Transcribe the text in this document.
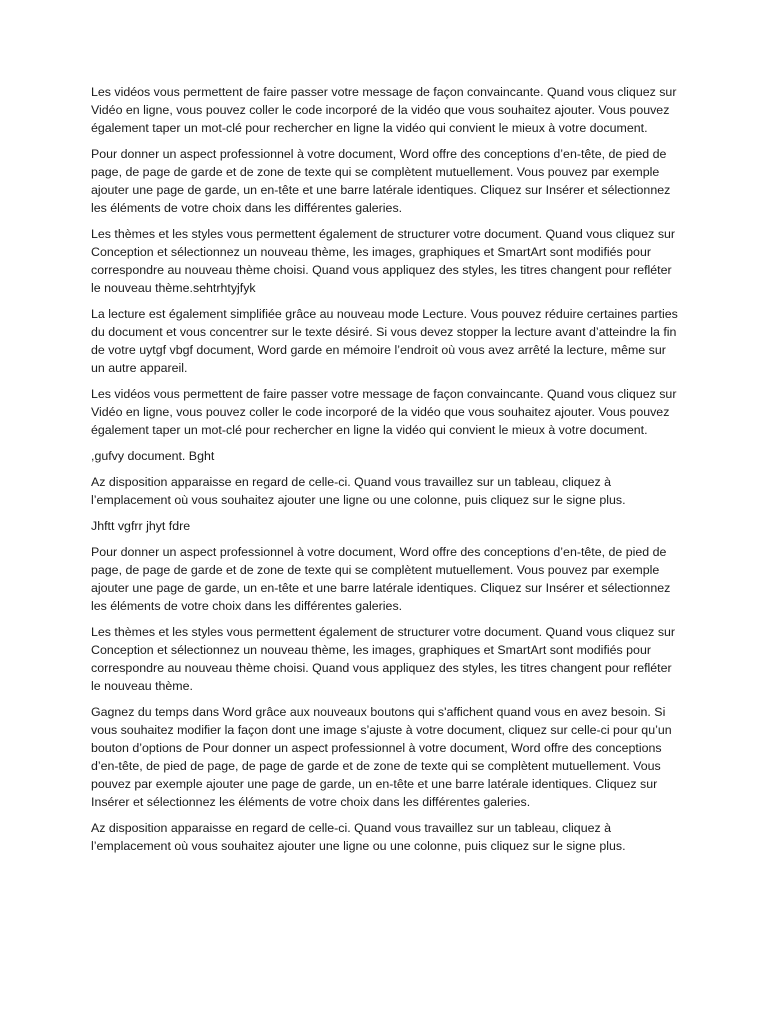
Les vidéos vous permettent de faire passer votre message de façon convaincante. Quand vous cliquez sur Vidéo en ligne, vous pouvez coller le code incorporé de la vidéo que vous souhaitez ajouter. Vous pouvez également taper un mot-clé pour rechercher en ligne la vidéo qui convient le mieux à votre document.

Pour donner un aspect professionnel à votre document, Word offre des conceptions d’en-tête, de pied de page, de page de garde et de zone de texte qui se complètent mutuellement. Vous pouvez par exemple ajouter une page de garde, un en-tête et une barre latérale identiques. Cliquez sur Insérer et sélectionnez les éléments de votre choix dans les différentes galeries.

Les thèmes et les styles vous permettent également de structurer votre document. Quand vous cliquez sur Conception et sélectionnez un nouveau thème, les images, graphiques et SmartArt sont modifiés pour correspondre au nouveau thème choisi. Quand vous appliquez des styles, les titres changent pour refléter le nouveau thème.sehtrhtyjfyk

La lecture est également simplifiée grâce au nouveau mode Lecture. Vous pouvez réduire certaines parties du document et vous concentrer sur le texte désiré. Si vous devez stopper la lecture avant d’atteindre la fin de votre uytgf vbgf document, Word garde en mémoire l’endroit où vous avez arrêté la lecture, même sur un autre appareil.

Les vidéos vous permettent de faire passer votre message de façon convaincante. Quand vous cliquez sur Vidéo en ligne, vous pouvez coller le code incorporé de la vidéo que vous souhaitez ajouter. Vous pouvez également taper un mot-clé pour rechercher en ligne la vidéo qui convient le mieux à votre document.

,gufvy document. Bght

Az disposition apparaisse en regard de celle-ci. Quand vous travaillez sur un tableau, cliquez à l’emplacement où vous souhaitez ajouter une ligne ou une colonne, puis cliquez sur le signe plus.

Jhftt vgfrr jhyt fdre

Pour donner un aspect professionnel à votre document, Word offre des conceptions d’en-tête, de pied de page, de page de garde et de zone de texte qui se complètent mutuellement. Vous pouvez par exemple ajouter une page de garde, un en-tête et une barre latérale identiques. Cliquez sur Insérer et sélectionnez les éléments de votre choix dans les différentes galeries.

Les thèmes et les styles vous permettent également de structurer votre document. Quand vous cliquez sur Conception et sélectionnez un nouveau thème, les images, graphiques et SmartArt sont modifiés pour correspondre au nouveau thème choisi. Quand vous appliquez des styles, les titres changent pour refléter le nouveau thème.

Gagnez du temps dans Word grâce aux nouveaux boutons qui s'affichent quand vous en avez besoin. Si vous souhaitez modifier la façon dont une image s’ajuste à votre document, cliquez sur celle-ci pour qu’un bouton d’options de Pour donner un aspect professionnel à votre document, Word offre des conceptions d’en-tête, de pied de page, de page de garde et de zone de texte qui se complètent mutuellement. Vous pouvez par exemple ajouter une page de garde, un en-tête et une barre latérale identiques. Cliquez sur Insérer et sélectionnez les éléments de votre choix dans les différentes galeries.

Az disposition apparaisse en regard de celle-ci. Quand vous travaillez sur un tableau, cliquez à l’emplacement où vous souhaitez ajouter une ligne ou une colonne, puis cliquez sur le signe plus.
